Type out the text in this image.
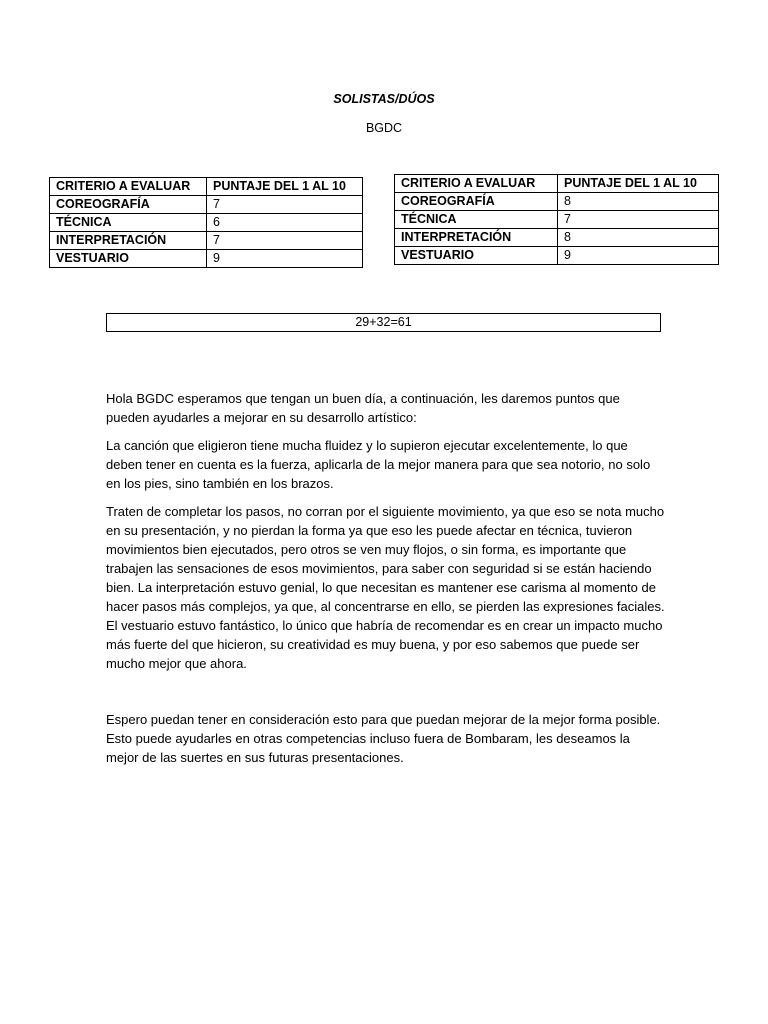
SOLISTAS/DÚOS
BGDC
CRITERIO A EVALUAR	PUNTAJE DEL 1 AL 10
COREOGRAFÍA	7
TÉCNICA	6
INTERPRETACIÓN	7
VESTUARIO	9
CRITERIO A EVALUAR	PUNTAJE DEL 1 AL 10
COREOGRAFÍA	8
TÉCNICA	7
INTERPRETACIÓN	8
VESTUARIO	9
29+32=61

Hola BGDC esperamos que tengan un buen día, a continuación, les daremos puntos que pueden ayudarles a mejorar en su desarrollo artístico:

La canción que eligieron tiene mucha fluidez y lo supieron ejecutar excelentemente, lo que deben tener en cuenta es la fuerza, aplicarla de la mejor manera para que sea notorio, no solo en los pies, sino también en los brazos.

Traten de completar los pasos, no corran por el siguiente movimiento, ya que eso se nota mucho en su presentación, y no pierdan la forma ya que eso les puede afectar en técnica, tuvieron movimientos bien ejecutados, pero otros se ven muy flojos, o sin forma, es importante que trabajen las sensaciones de esos movimientos, para saber con seguridad si se están haciendo bien. La interpretación estuvo genial, lo que necesitan es mantener ese carisma al momento de hacer pasos más complejos, ya que, al concentrarse en ello, se pierden las expresiones faciales. El vestuario estuvo fantástico, lo único que habría de recomendar es en crear un impacto mucho más fuerte del que hicieron, su creatividad es muy buena, y por eso sabemos que puede ser mucho mejor que ahora.

Espero puedan tener en consideración esto para que puedan mejorar de la mejor forma posible. Esto puede ayudarles en otras competencias incluso fuera de Bombaram, les deseamos la mejor de las suertes en sus futuras presentaciones.
